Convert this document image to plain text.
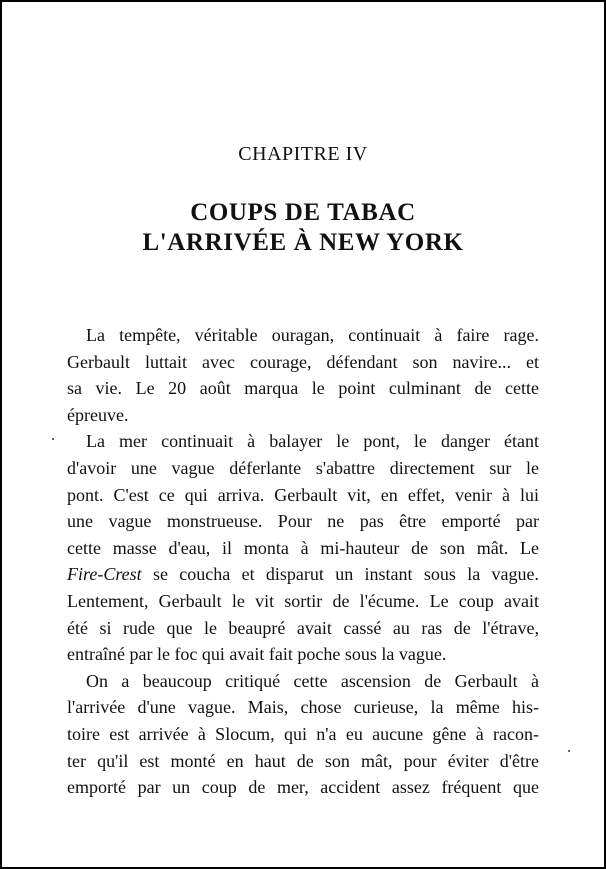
CHAPITRE IV
COUPS DE TABAC
L'ARRIVÉE À NEW YORK
La tempête, véritable ouragan, continuait à faire rage.
Gerbault luttait avec courage, défendant son navire... et
sa vie. Le 20 août marqua le point culminant de cette
épreuve.
La mer continuait à balayer le pont, le danger étant
d'avoir une vague déferlante s'abattre directement sur le
pont. C'est ce qui arriva. Gerbault vit, en effet, venir à lui
une vague monstrueuse. Pour ne pas être emporté par
cette masse d'eau, il monta à mi-hauteur de son mât. Le
Fire-Crest se coucha et disparut un instant sous la vague.
Lentement, Gerbault le vit sortir de l'écume. Le coup avait
été si rude que le beaupré avait cassé au ras de l'étrave,
entraîné par le foc qui avait fait poche sous la vague.
On a beaucoup critiqué cette ascension de Gerbault à
l'arrivée d'une vague. Mais, chose curieuse, la même his-
toire est arrivée à Slocum, qui n'a eu aucune gêne à racon-
ter qu'il est monté en haut de son mât, pour éviter d'être
emporté par un coup de mer, accident assez fréquent que
